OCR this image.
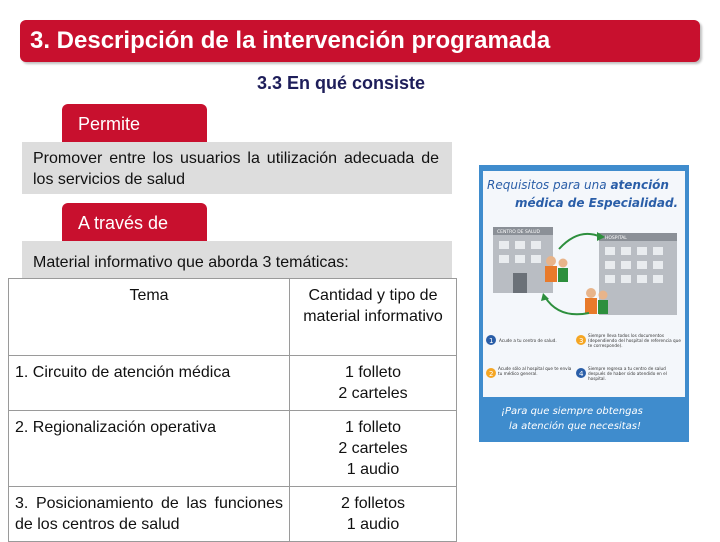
3. Descripción de la intervención programada
3.3 En qué consiste
Permite
Promover entre los usuarios la utilización adecuada de los servicios de salud
A través de
Material informativo que aborda 3 temáticas:
Tema	Cantidad y tipo de material informativo
1. Circuito de atención médica	1 folleto
2 carteles

2. Regionalización operativa	1 folleto
2 carteles
1 audio

3. Posicionamiento de las funciones de los centros de salud	2 folletos
1 audio
Requisitos para una atención
médica de Especialidad.
CENTRO DE SALUD
HOSPITAL
1 Acude a tu centro de salud.
2
Acude sólo al hospital que te envía tu médico general.
3
Siempre lleva todos los documentos (dependiendo del hospital de referencia que te corresponde).
4
Siempre regresa a tu centro de salud después de haber sido atendido en el hospital.
¡Para que siempre obtengas
la atención que necesitas!
